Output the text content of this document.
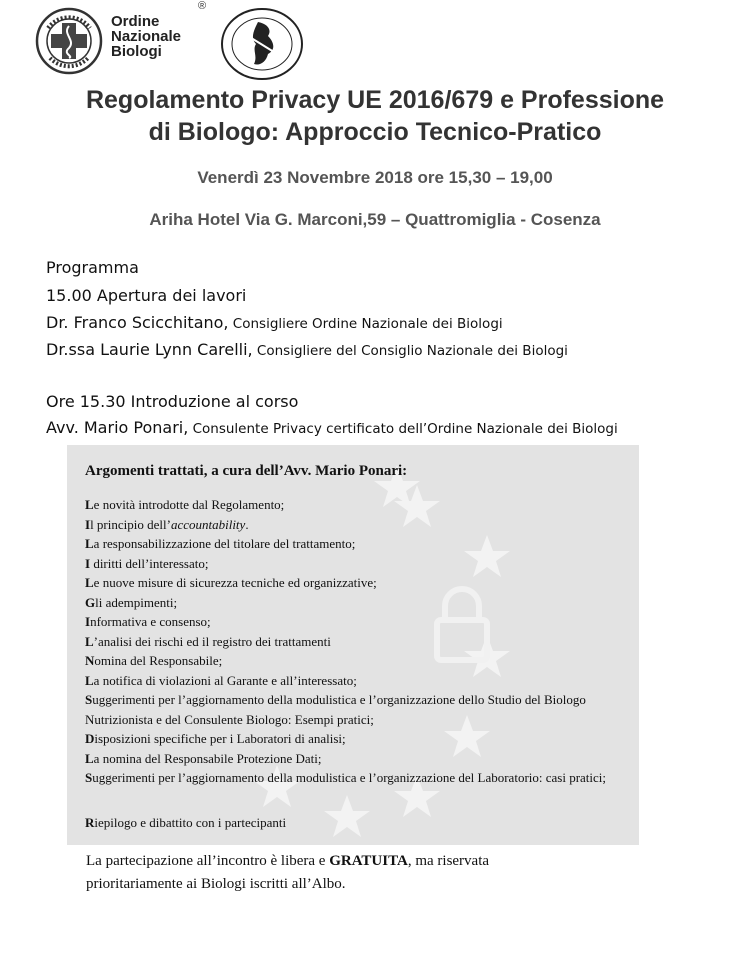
Ordine
Nazionale
Biologi
®
Regolamento Privacy UE 2016/679 e Professione
di Biologo: Approccio Tecnico-Pratico
Venerdì 23 Novembre 2018 ore 15,30 – 19,00
Ariha Hotel Via G. Marconi,59 – Quattromiglia - Cosenza
Programma
15.00 Apertura dei lavori
Dr. Franco Scicchitano, Consigliere Ordine Nazionale dei Biologi
Dr.ssa Laurie Lynn Carelli, Consigliere del Consiglio Nazionale dei Biologi
Ore 15.30 Introduzione al corso
Avv. Mario Ponari, Consulente Privacy certificato dell’Ordine Nazionale dei Biologi
Argomenti trattati, a cura dell’Avv. Mario Ponari:
Le novità introdotte dal Regolamento;
Il principio dell’accountability.
La responsabilizzazione del titolare del trattamento;
I diritti dell’interessato;
Le nuove misure di sicurezza tecniche ed organizzative;
Gli adempimenti;
Informativa e consenso;
L’analisi dei rischi ed il registro dei trattamenti
Nomina del Responsabile;
La notifica di violazioni al Garante e all’interessato;
Suggerimenti per l’aggiornamento della modulistica e l’organizzazione dello Studio del Biologo Nutrizionista e del Consulente Biologo: Esempi pratici;
Disposizioni specifiche per i Laboratori di analisi;
La nomina del Responsabile Protezione Dati;
Suggerimenti per l’aggiornamento della modulistica e l’organizzazione del Laboratorio: casi pratici;
Riepilogo e dibattito con i partecipanti
La partecipazione all’incontro è libera e GRATUITA, ma riservata
prioritariamente ai Biologi iscritti all’Albo.
